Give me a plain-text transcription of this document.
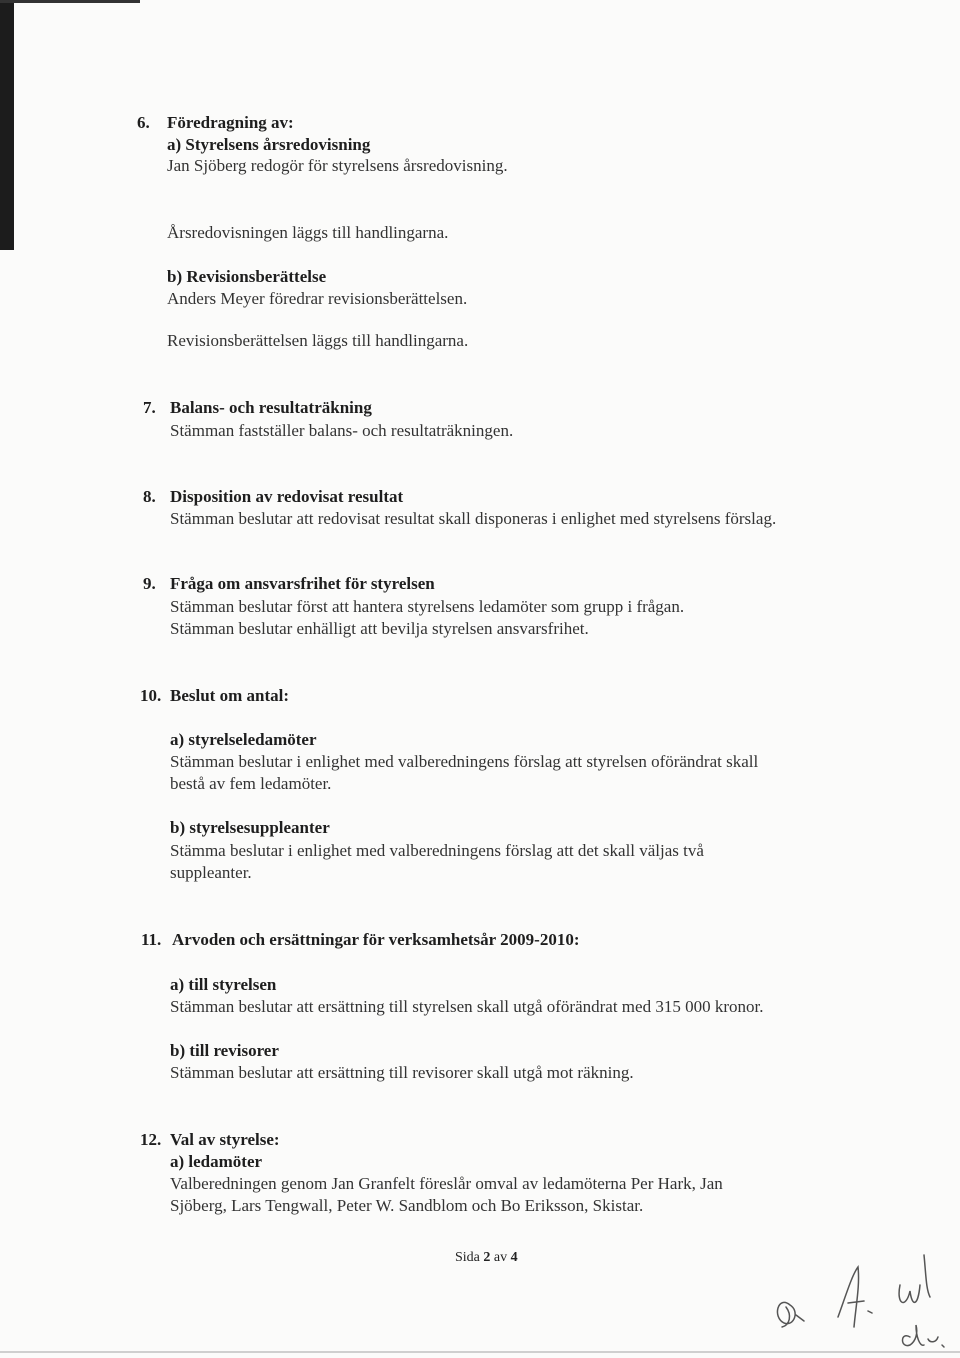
6. Föredragning av:
a) Styrelsens årsredovisning
Jan Sjöberg redogör för styrelsens årsredovisning.
Årsredovisningen läggs till handlingarna.
b) Revisionsberättelse
Anders Meyer föredrar revisionsberättelsen.
Revisionsberättelsen läggs till handlingarna.
7. Balans- och resultaträkning
Stämman fastställer balans- och resultaträkningen.
8. Disposition av redovisat resultat
Stämman beslutar att redovisat resultat skall disponeras i enlighet med styrelsens förslag.
9. Fråga om ansvarsfrihet för styrelsen
Stämman beslutar först att hantera styrelsens ledamöter som grupp i frågan.
Stämman beslutar enhälligt att bevilja styrelsen ansvarsfrihet.
10. Beslut om antal:
a) styrelseledamöter
Stämman beslutar i enlighet med valberedningens förslag att styrelsen oförändrat skall
bestå av fem ledamöter.
b) styrelsesuppleanter
Stämma beslutar i enlighet med valberedningens förslag att det skall väljas två
suppleanter.
11. Arvoden och ersättningar för verksamhetsår 2009-2010:
a) till styrelsen
Stämman beslutar att ersättning till styrelsen skall utgå oförändrat med 315 000 kronor.
b) till revisorer
Stämman beslutar att ersättning till revisorer skall utgå mot räkning.
12. Val av styrelse:
a) ledamöter
Valberedningen genom Jan Granfelt föreslår omval av ledamöterna Per Hark, Jan
Sjöberg, Lars Tengwall, Peter W. Sandblom och Bo Eriksson, Skistar.
Sida 2 av 4
